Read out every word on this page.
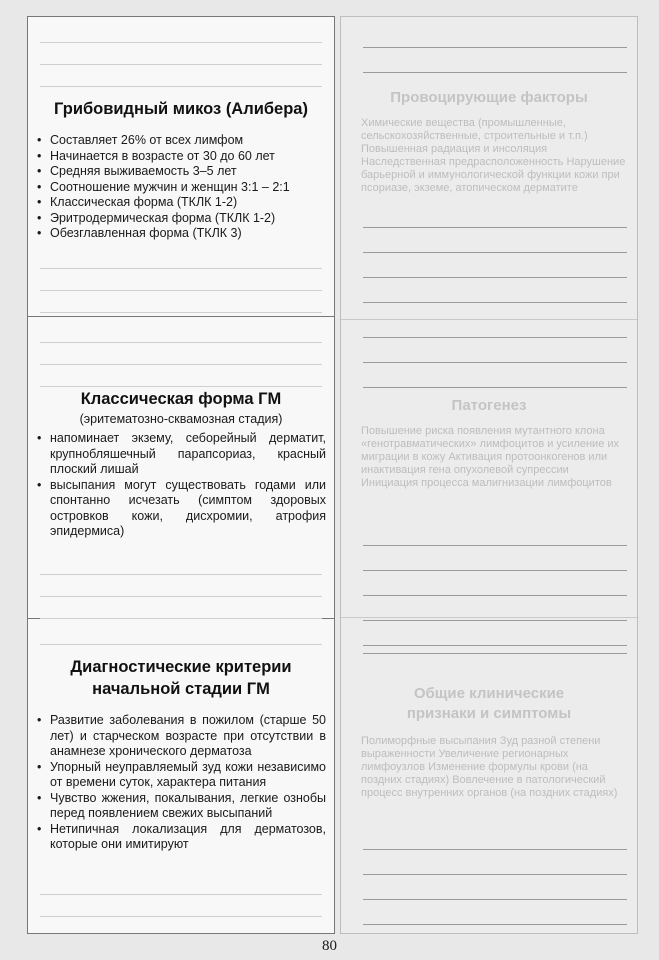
Провоцирующие факторы
Химические вещества (промышленные, сельскохозяйственные, строительные и т.п.) Повышенная радиация и инсоляция Наследственная предрасположенность Нарушение барьерной и иммунологической функции кожи при псориазе, экземе, атопическом дерматите
Патогенез
Повышение риска появления мутантного клона «генотравматических» лимфоцитов и усиление их миграции в кожу Активация протоонкогенов или инактивация гена опухолевой супрессии Инициация процесса малигнизации лимфоцитов
Общие клинические
признаки и симптомы
Полиморфные высыпания Зуд разной степени выраженности Увеличение регионарных лимфоузлов Изменение формулы крови (на поздних стадиях) Вовлечение в патологический процесс внутренних органов (на поздних стадиях)
Грибовидный микоз (Алибера)
• Составляет 26% от всех лимфом
• Начинается в возрасте от 30 до 60 лет
• Средняя выживаемость 3–5 лет
• Соотношение мужчин и женщин 3:1 – 2:1
• Классическая форма (ТКЛК 1-2)
• Эритродермическая форма (ТКЛК 1-2)
• Обезглавленная форма (ТКЛК 3)
Классическая форма ГМ
(эритематозно-сквамозная стадия)
• напоминает экзему, себорейный дерматит, крупнобляшечный парапсориаз, красный плоский лишай
• высыпания могут существовать годами или спонтанно исчезать (симптом здоровых островков кожи, дисхромии, атрофия эпидермиса)
Диагностические критерии
начальной стадии ГМ
• Развитие заболевания в пожилом (старше 50 лет) и старческом возрасте при отсутствии в анамнезе хронического дерматоза
• Упорный неуправляемый зуд кожи независимо от времени суток, характера питания
• Чувство жжения, покалывания, легкие ознобы перед появлением свежих высыпаний
• Нетипичная локализация для дерматозов, которые они имитируют
80
